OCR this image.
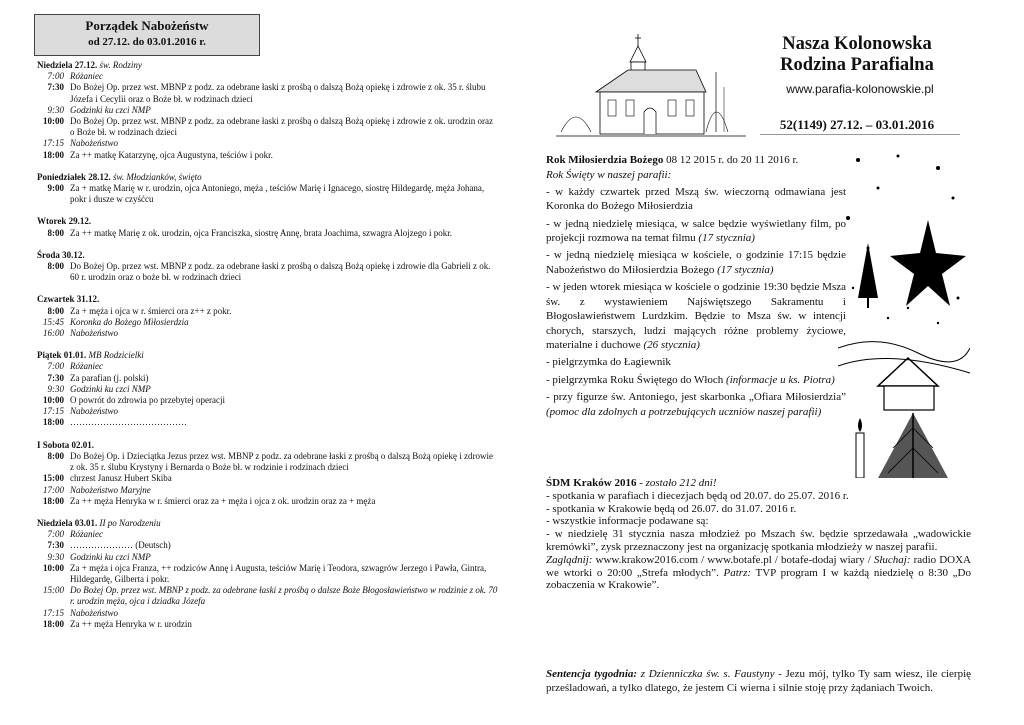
Porządek Nabożeństw
od 27.12. do 03.01.2016 r.
Niedziela 27.12. św. Rodziny
7:00 Różaniec
7:30 Do Bożej Op. przez wst. MBNP z podz. za odebrane łaski z prośbą o dalszą Bożą opiekę i zdrowie z ok. 35 r. ślubu Józefa i Cecylii oraz o Boże bł. w rodzinach dzieci
9:30 Godzinki ku czci NMP
10:00 Do Bożej Op. przez wst. MBNP z podz. za odebrane łaski z prośbą o dalszą Bożą opiekę i zdrowie z ok. urodzin oraz o Boże bł. w rodzinach dzieci
17:15 Nabożeństwo
18:00 Za ++ matkę Katarzynę, ojca Augustyna, teściów i pokr.
Poniedziałek 28.12. św. Młodzianków, święto
9:00 Za + matkę Marię w r. urodzin, ojca Antoniego, męża , teściów Marię i Ignacego, siostrę Hildegardę, męża Johana, pokr i dusze w czyśćcu
Wtorek 29.12.
8:00 Za ++ matkę Marię z ok. urodzin, ojca Franciszka, siostrę Annę, brata Joachima, szwagra Alojzego i pokr.
Środa 30.12.
8:00 Do Bożej Op. przez wst. MBNP z podz. za odebrane łaski z prośbą o dalszą Bożą opiekę i zdrowie dla Gabrieli z ok. 60 r. urodzin oraz o boże bł. w rodzinach dzieci
Czwartek 31.12.
8:00 Za + męża i ojca w r. śmierci ora z++ z pokr.
15:45 Koronka do Bożego Miłosierdzia
16:00 Nabożeństwo
Piątek 01.01. MB Rodzicielki
7:00 Różaniec
7:30 Za parafian (j. polski)
9:30 Godzinki ku czci NMP
10:00 O powrót do zdrowia po przebytej operacji
17:15 Nabożeństwo
18:00 …………………………………
I Sobota 02.01.
8:00 Do Bożej Op. i Dzieciątka Jezus przez wst. MBNP z podz. za odebrane łaski z prośbą o dalszą Bożą opiekę i zdrowie z ok. 35 r. ślubu Krystyny i Bernarda o Boże bł. w rodzinie i rodzinach dzieci
15:00 chrzest Janusz Hubert Skiba
17:00 Nabożeństwo Maryjne
18:00 Za ++ męża Henryka w r. śmierci oraz za + męża i ojca z ok. urodzin oraz za + męża
Niedziela 03.01. II po Narodzeniu
7:00 Różaniec
7:30 ………………… (Deutsch)
9:30 Godzinki ku czci NMP
10:00 Za + męża i ojca Franza, ++ rodziców Annę i Augusta, teściów Marię i Teodora, szwagrów Jerzego i Pawła, Gintra, Hildegardę, Gilberta i pokr.
15:00 Do Bożej Op. przez wst. MBNP z podz. za odebrane łaski z prośbą o dalsze Boże Błogosławieństwo w rodzinie z ok. 70 r. urodzin męża, ojca i dziadka Józefa
17:15 Nabożeństwo
18:00 Za ++ męża Henryka w r. urodzin
Nasza Kolonowska
Rodzina Parafialna
www.parafia-kolonowskie.pl
52(1149) 27.12. – 03.01.2016

Rok Miłosierdzia Bożego 08 12 2015 r. do 20 11 2016 r.
Rok Święty w naszej parafii:

- w każdy czwartek przed Mszą św. wieczorną odmawiana jest Koronka do Bożego Miłosierdzia

- w jedną niedzielę miesiąca, w salce będzie wyświetlany film, po projekcji rozmowa na temat filmu (17 stycznia)

- w jedną niedzielę miesiąca w kościele, o godzinie 17:15 będzie Nabożeństwo do Miłosierdzia Bożego (17 stycznia)

- w jeden wtorek miesiąca w kościele o godzinie 19:30 będzie Msza św. z wystawieniem Najświętszego Sakramentu i Błogosławieństwem Lurdzkim. Będzie to Msza św. w intencji chorych, starszych, ludzi mających różne problemy życiowe, materialne i duchowe (26 stycznia)

- pielgrzymka do Łagiewnik

- pielgrzymka Roku Świętego do Włoch (informacje u ks. Piotra)

- przy figurze św. Antoniego, jest skarbonka „Ofiara Miłosierdzia” (pomoc dla zdolnych a potrzebujących uczniów naszej parafii)

ŚDM Kraków 2016 - zostało 212 dni!

- spotkania w parafiach i diecezjach będą od 20.07. do 25.07. 2016 r.

- spotkania w Krakowie będą od 26.07. do 31.07. 2016 r.

- wszystkie informacje podawane są:

- w niedzielę 31 stycznia nasza młodzież po Mszach św. będzie sprzedawała „wadowickie kremówki”, zysk przeznaczony jest na organizację spotkania młodzieży w naszej parafii.

Zaglądnij: www.krakow2016.com / www.botafe.pl / botafe-dodaj wiary / Słuchaj: radio DOXA we wtorki o 20:00 „Strefa młodych”. Patrz: TVP program I w każdą niedzielę o 8:30 „Do zobaczenia w Krakowie”.

Sentencja tygodnia: z Dzienniczka św. s. Faustyny - Jezu mój, tylko Ty sam wiesz, ile cierpię prześladowań, a tylko dlatego, że jestem Ci wierna i silnie stoję przy żądaniach Twoich.
